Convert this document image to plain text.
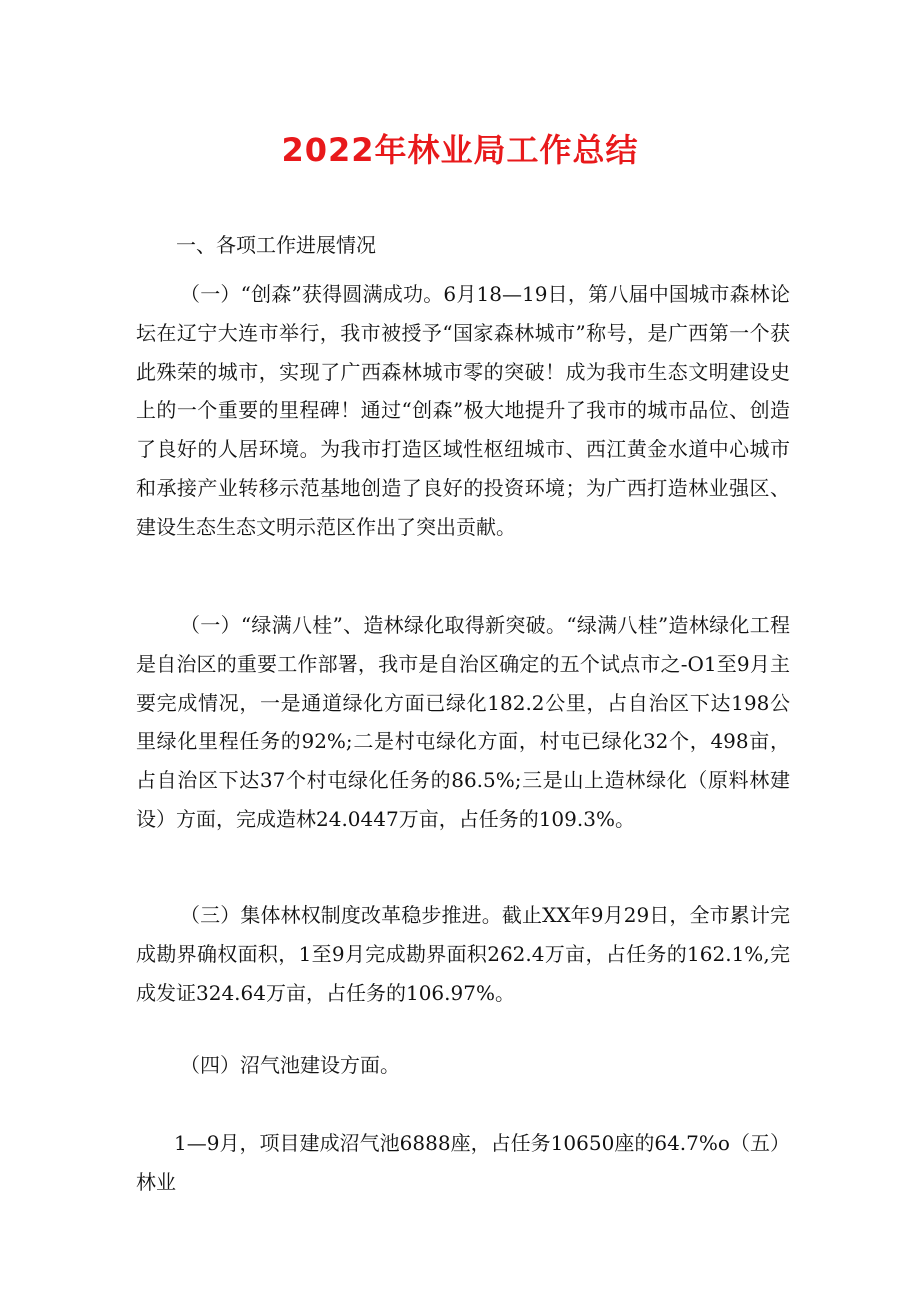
2022年林业局工作总结

一、各项工作进展情况

（一）“创森”获得圆满成功。6月18—19日，第八届中国城市森林论坛在辽宁大连市举行，我市被授予“国家森林城市”称号，是广西第一个获此殊荣的城市，实现了广西森林城市零的突破！成为我市生态文明建设史上的一个重要的里程碑！通过“创森”极大地提升了我市的城市品位、创造了良好的人居环境。为我市打造区域性枢纽城市、西江黄金水道中心城市和承接产业转移示范基地创造了良好的投资环境；为广西打造林业强区、建设生态生态文明示范区作出了突出贡献。

（一）“绿满八桂”、造林绿化取得新突破。“绿满八桂”造林绿化工程是自治区的重要工作部署，我市是自治区确定的五个试点市之-O1至9月主要完成情况，一是通道绿化方面已绿化182.2公里，占自治区下达198公里绿化里程任务的92%;二是村屯绿化方面，村屯已绿化32个，498亩，占自治区下达37个村屯绿化任务的86.5%;三是山上造林绿化（原料林建设）方面，完成造林24.0447万亩，占任务的109.3%。

（三）集体林权制度改革稳步推进。截止XX年9月29日，全市累计完成勘界确权面积，1至9月完成勘界面积262.4万亩，占任务的162.1%,完成发证324.64万亩，占任务的106.97%。

（四）沼气池建设方面。

1—9月，项目建成沼气池6888座，占任务10650座的64.7%o（五）林业
